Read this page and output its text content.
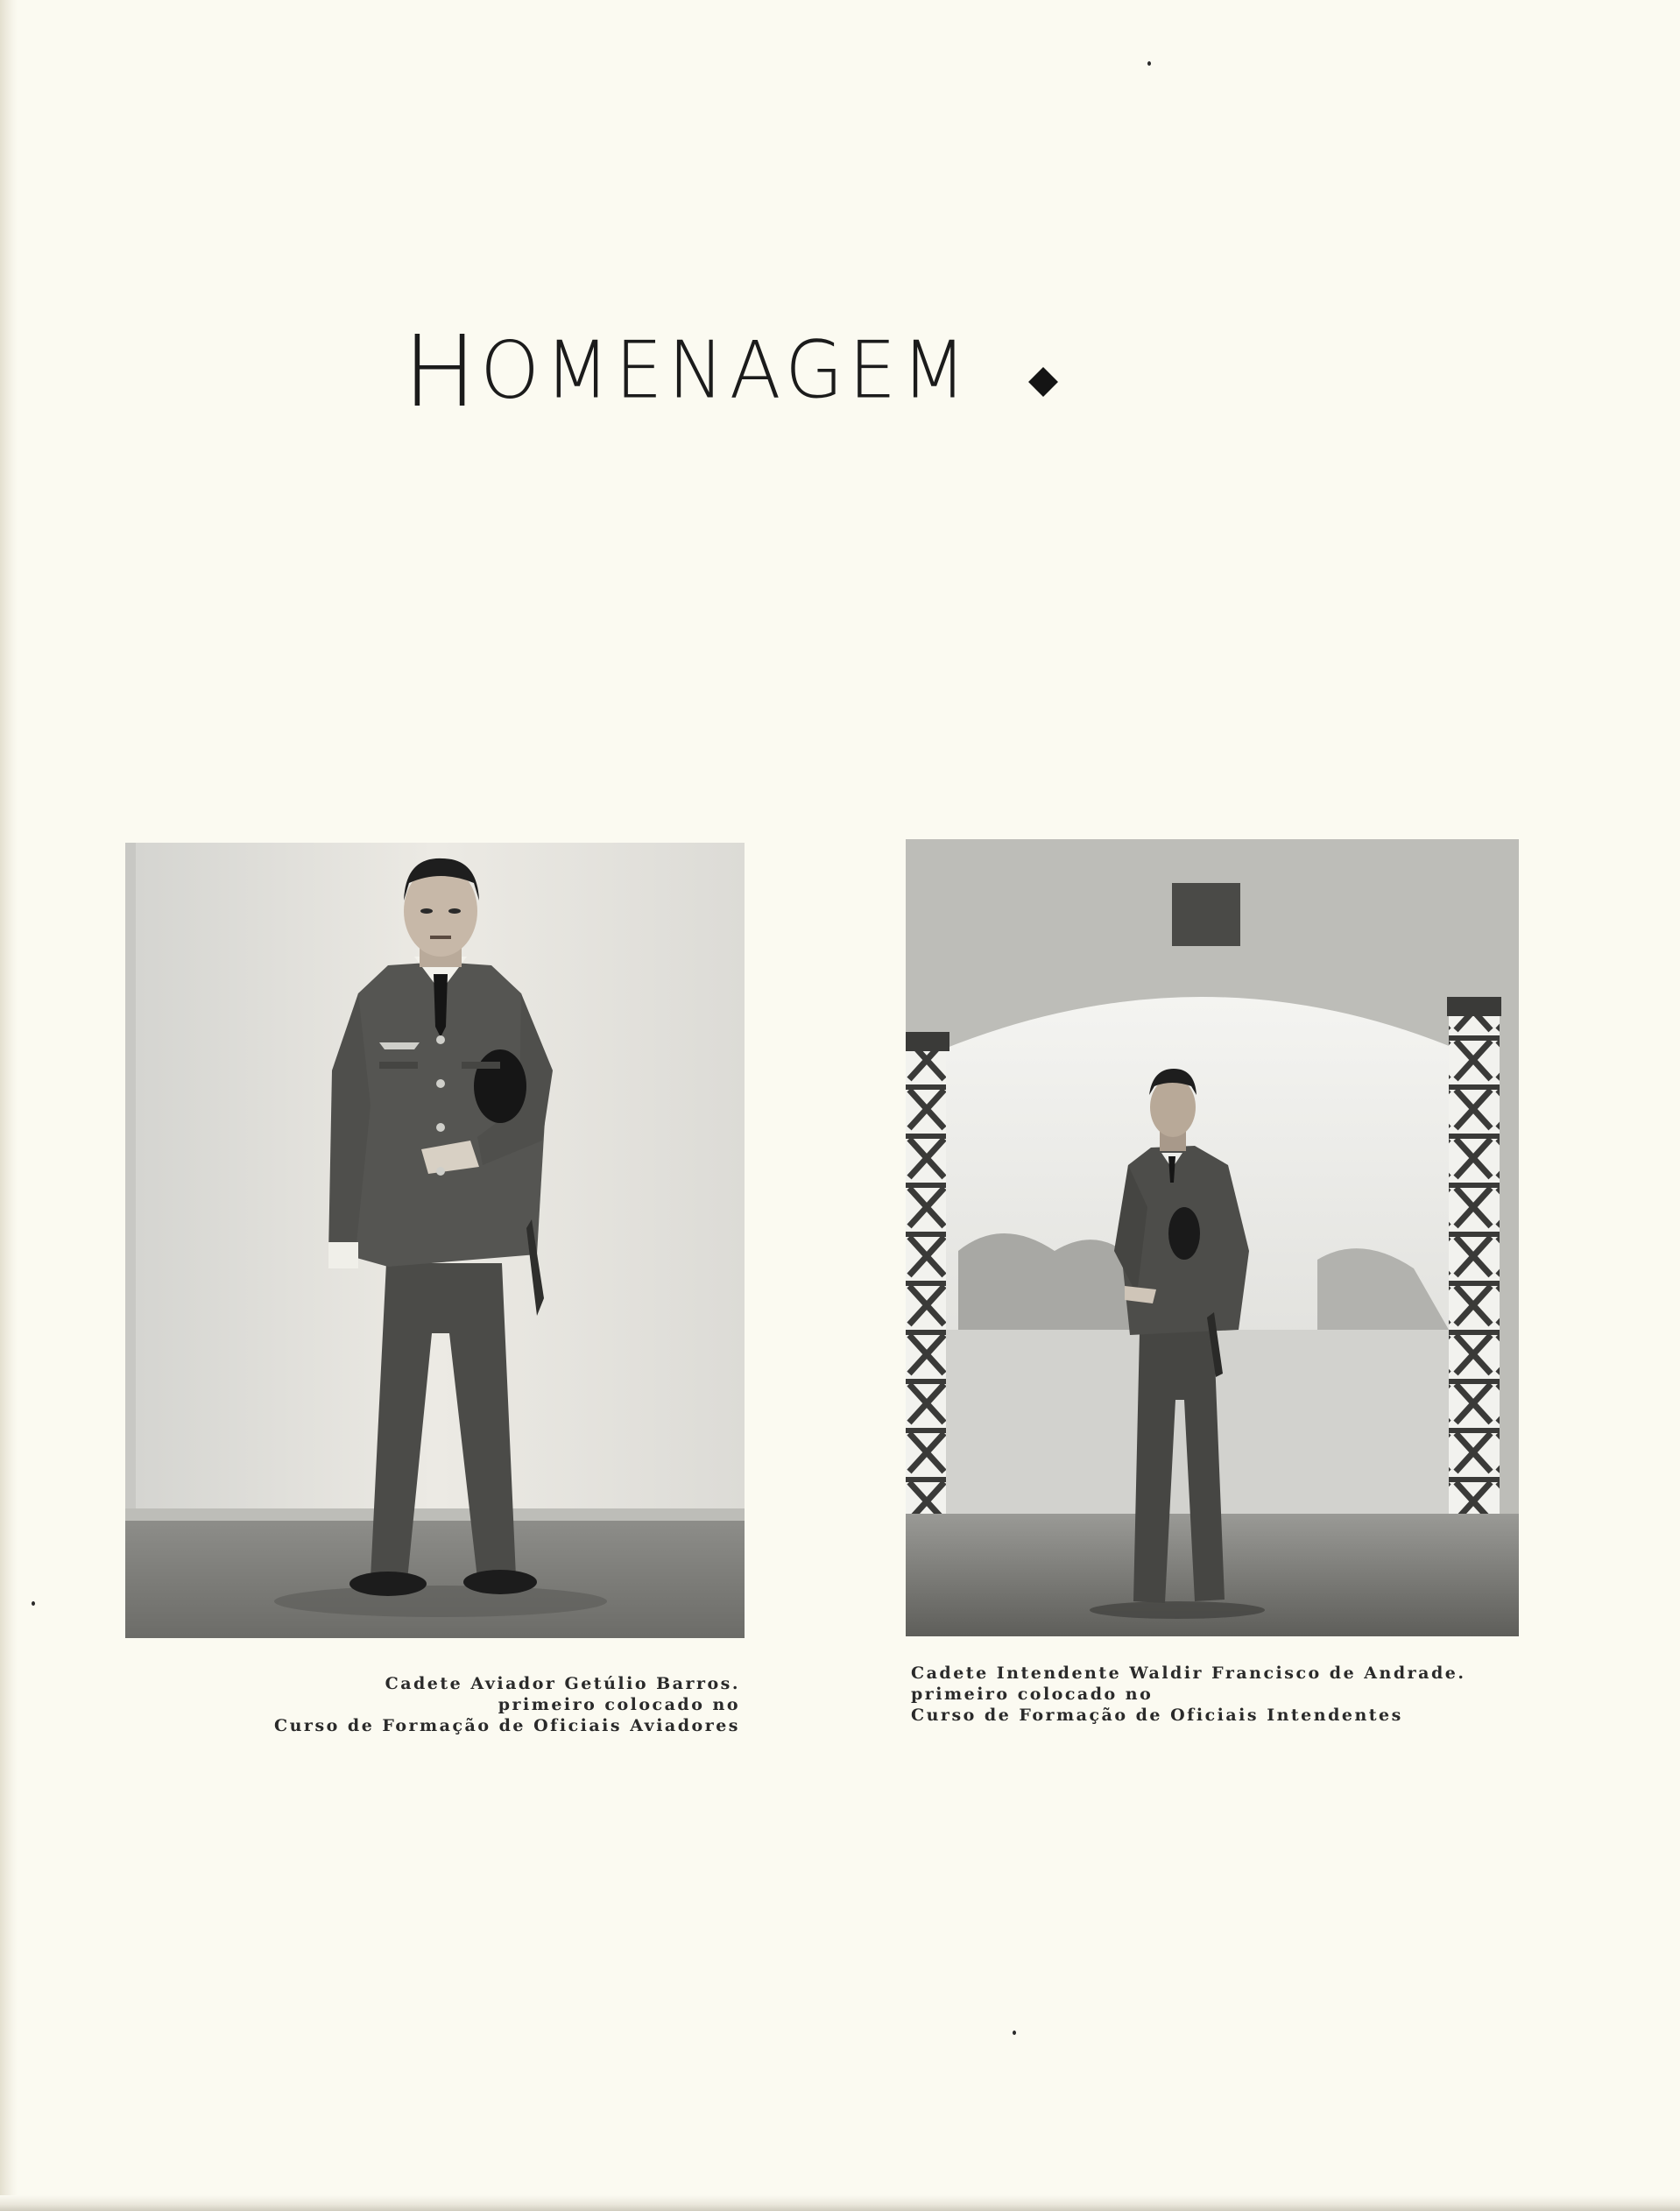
H OMENAGEM
Cadete Aviador Getúlio Barros.
primeiro colocado no
Curso de Formação de Oficiais Aviadores
Cadete Intendente Waldir Francisco de Andrade.
primeiro colocado no
Curso de Formação de Oficiais Intendentes
